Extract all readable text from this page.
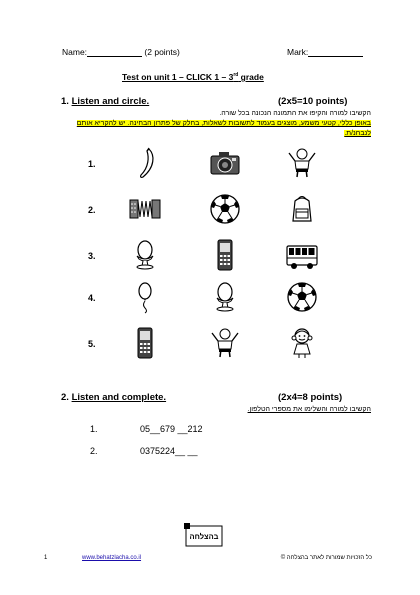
Name:	(2 points)	Mark:
Test on unit 1 – CLICK 1 – 3rd grade
1. Listen and circle.	(2x5=10 points)
הקשיבו למורה והקיפו את התמונה הנכונה בכל שורה.
באופן כללי, קטעי משמע, מוצגים בעמוד לתשובות לשאלות, בחלק של פתרון הבחינה. יש להקריא אותם לנבחנ/ת.
1.
2.
3.
4.
5.
2. Listen and complete.	(2x4=8 points)
הקשיבו למורה והשלימו את מספרי הטלפון.
1.	05__679 __212
2.	0375224__ __
בהצלחה
1	www.behatzlacha.co.il	כל הזכויות שמורות לאתר בהצלחה ©
